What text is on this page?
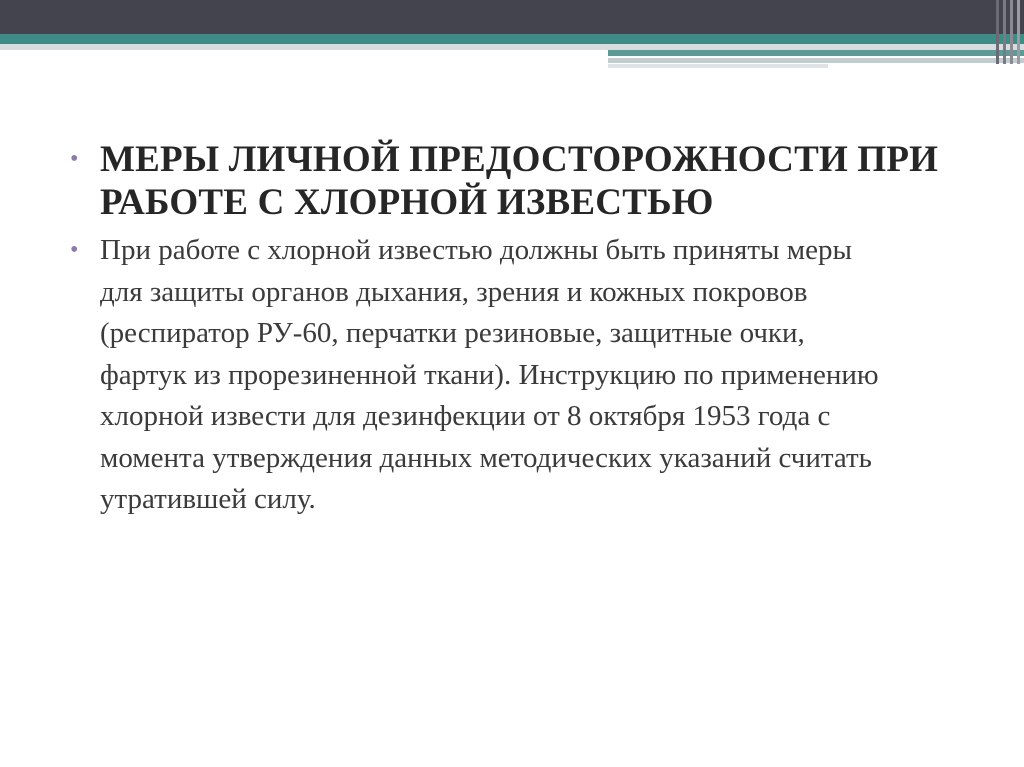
• МЕРЫ ЛИЧНОЙ ПРЕДОСТОРОЖНОСТИ ПРИ РАБОТЕ С ХЛОРНОЙ ИЗВЕСТЬЮ
• При работе с хлорной известью должны быть приняты меры для защиты органов дыхания, зрения и кожных покровов (респиратор РУ-60, перчатки резиновые, защитные очки, фартук из прорезиненной ткани). Инструкцию по применению хлорной извести для дезинфекции от 8 октября 1953 года с момента утверждения данных методических указаний считать утратившей силу.
